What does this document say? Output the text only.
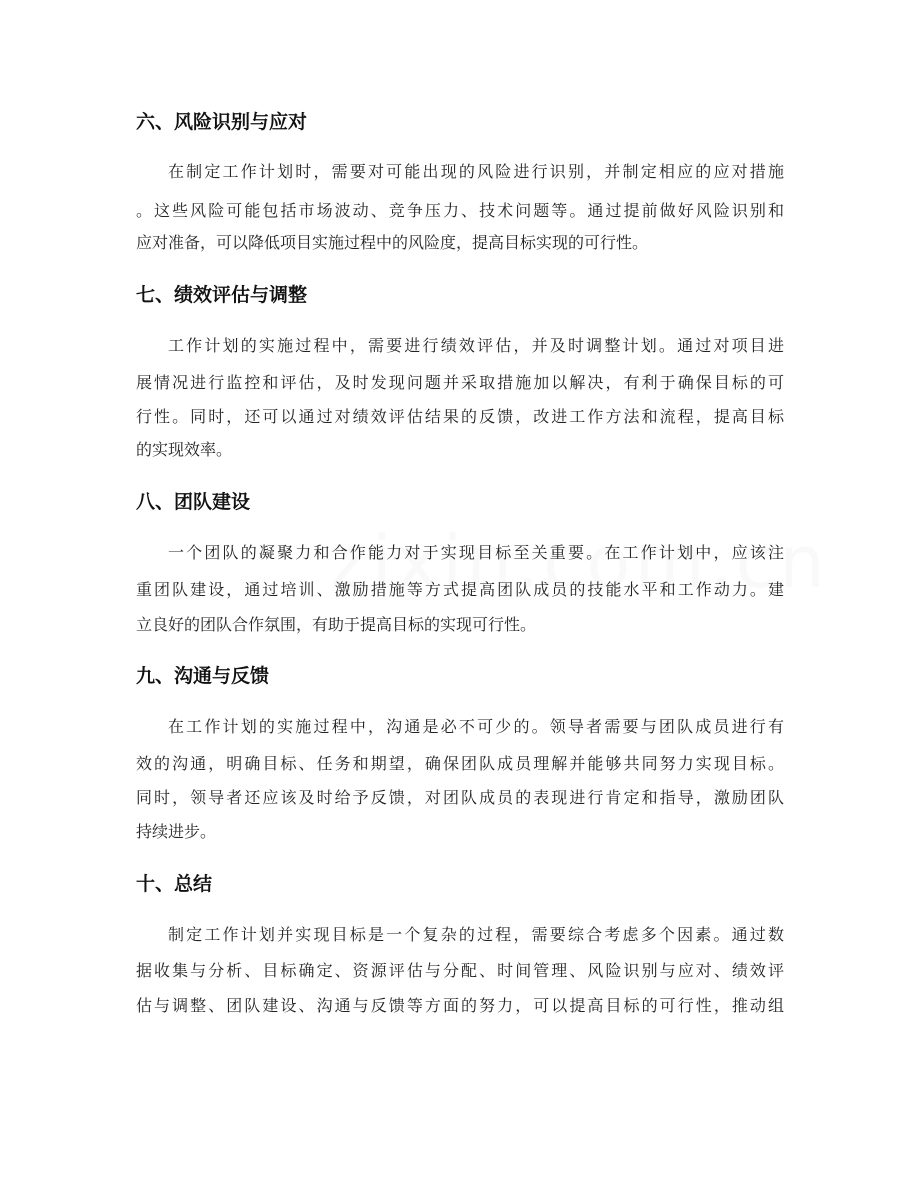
六、风险识别与应对

在制定工作计划时，需要对可能出现的风险进行识别，并制定相应的应对措施

。这些风险可能包括市场波动、竞争压力、技术问题等。通过提前做好风险识别和

应对准备，可以降低项目实施过程中的风险度，提高目标实现的可行性。

七、绩效评估与调整

工作计划的实施过程中，需要进行绩效评估，并及时调整计划。通过对项目进

展情况进行监控和评估，及时发现问题并采取措施加以解决，有利于确保目标的可

行性。同时，还可以通过对绩效评估结果的反馈，改进工作方法和流程，提高目标

的实现效率。

八、团队建设

一个团队的凝聚力和合作能力对于实现目标至关重要。在工作计划中，应该注

重团队建设，通过培训、激励措施等方式提高团队成员的技能水平和工作动力。建

立良好的团队合作氛围，有助于提高目标的实现可行性。

九、沟通与反馈

在工作计划的实施过程中，沟通是必不可少的。领导者需要与团队成员进行有

效的沟通，明确目标、任务和期望，确保团队成员理解并能够共同努力实现目标。

同时，领导者还应该及时给予反馈，对团队成员的表现进行肯定和指导，激励团队

持续进步。

十、总结

制定工作计划并实现目标是一个复杂的过程，需要综合考虑多个因素。通过数

据收集与分析、目标确定、资源评估与分配、时间管理、风险识别与应对、绩效评

估与调整、团队建设、沟通与反馈等方面的努力，可以提高目标的可行性，推动组
